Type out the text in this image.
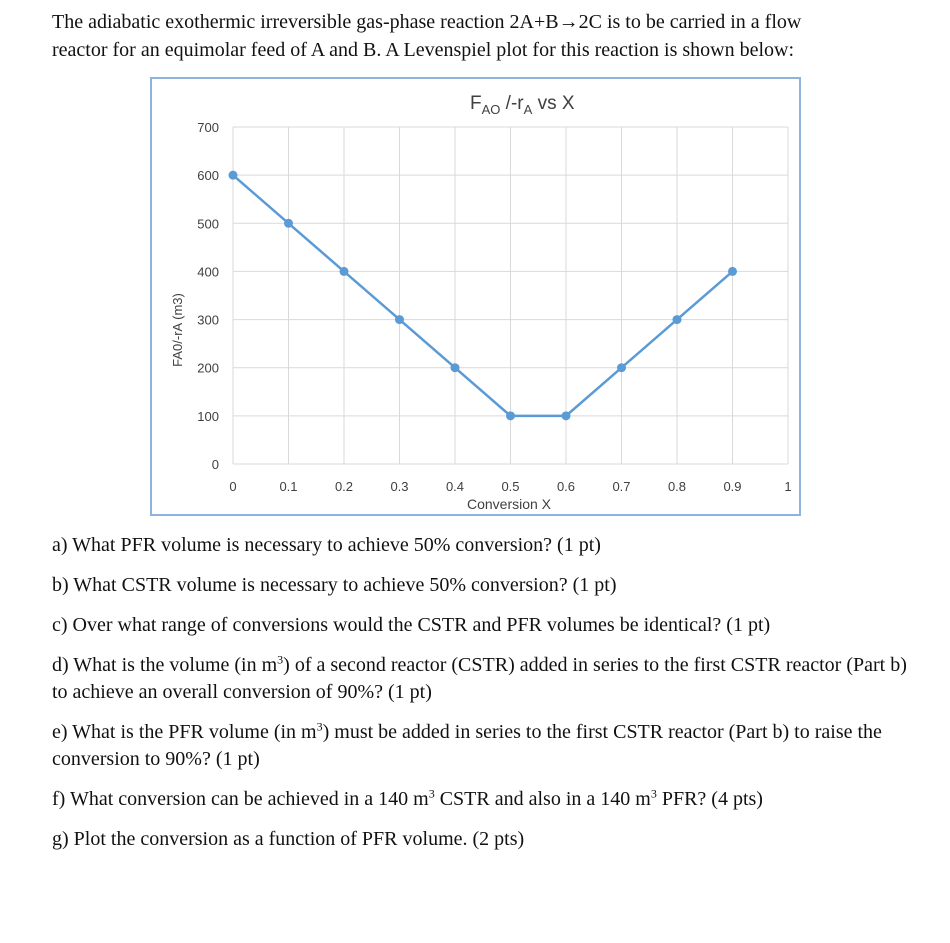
The adiabatic exothermic irreversible gas-phase reaction 2A+B→2C is to be carried in a flow
reactor for an equimolar feed of A and B. A Levenspiel plot for this reaction is shown below:
$F_{AO}$ $/-r_A$ vs X
0
100
200
300
400
500
600
700
0	0.1	0.2	0.3	0.4	0.5	0.6	0.7	0.8	0.9	1
Conversion X
FA0/-rA (m3)

a) What PFR volume is necessary to achieve 50% conversion? (1 pt)

b) What CSTR volume is necessary to achieve 50% conversion? (1 pt)

c) Over what range of conversions would the CSTR and PFR volumes be identical? (1 pt)

d) What is the volume (in $m^3$) of a second reactor (CSTR) added in series to the first CSTR reactor (Part b) to achieve an overall conversion of 90%? (1 pt)

e) What is the PFR volume (in $m^3$) must be added in series to the first CSTR reactor (Part b) to raise the conversion to 90%? (1 pt)

f) What conversion can be achieved in a 140 $m^3$ CSTR and also in a 140 $m^3$ PFR? (4 pts)

g) Plot the conversion as a function of PFR volume. (2 pts)
